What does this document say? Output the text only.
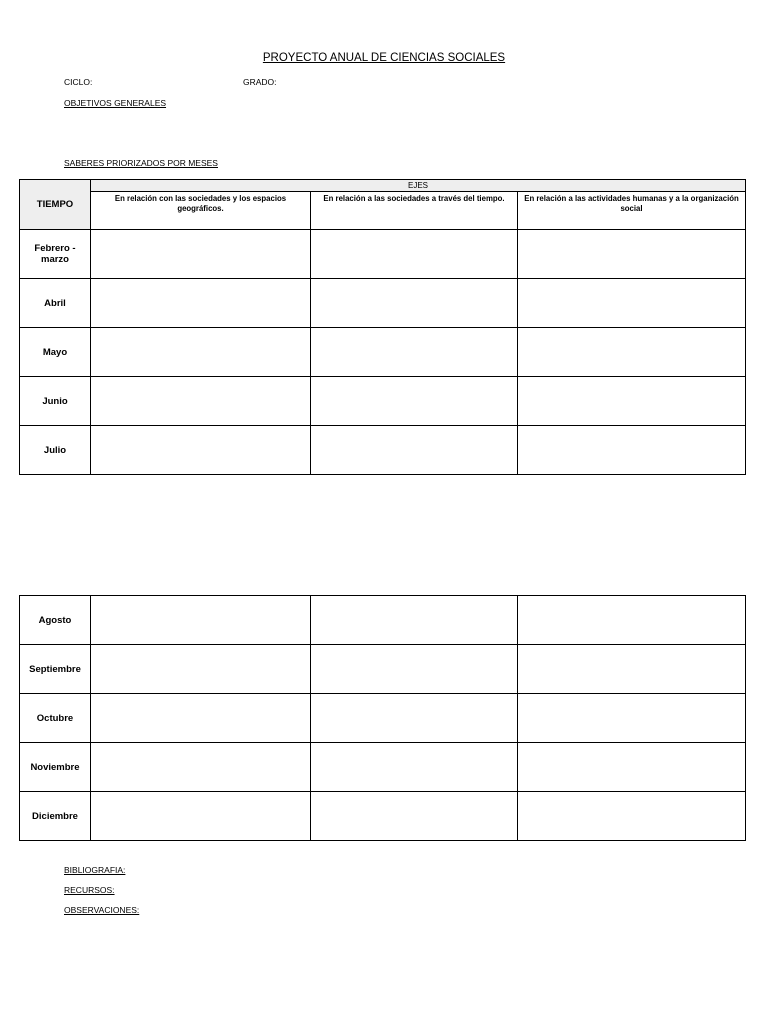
PROYECTO ANUAL DE CIENCIAS SOCIALES
CICLO:	GRADO:
OBJETIVOS GENERALES
SABERES PRIORIZADOS POR MESES
TIEMPO	EJES		
	En relación con las sociedades y los espacios geográficos.	En relación a las sociedades a través del tiempo.	En relación a las actividades humanas y a la organización social
Febrero - marzo			
Abril			
Mayo			
Junio			
Julio			
Agosto			
Septiembre			
Octubre			
Noviembre			
Diciembre			
BIBLIOGRAFIA:
RECURSOS:
OBSERVACIONES:
